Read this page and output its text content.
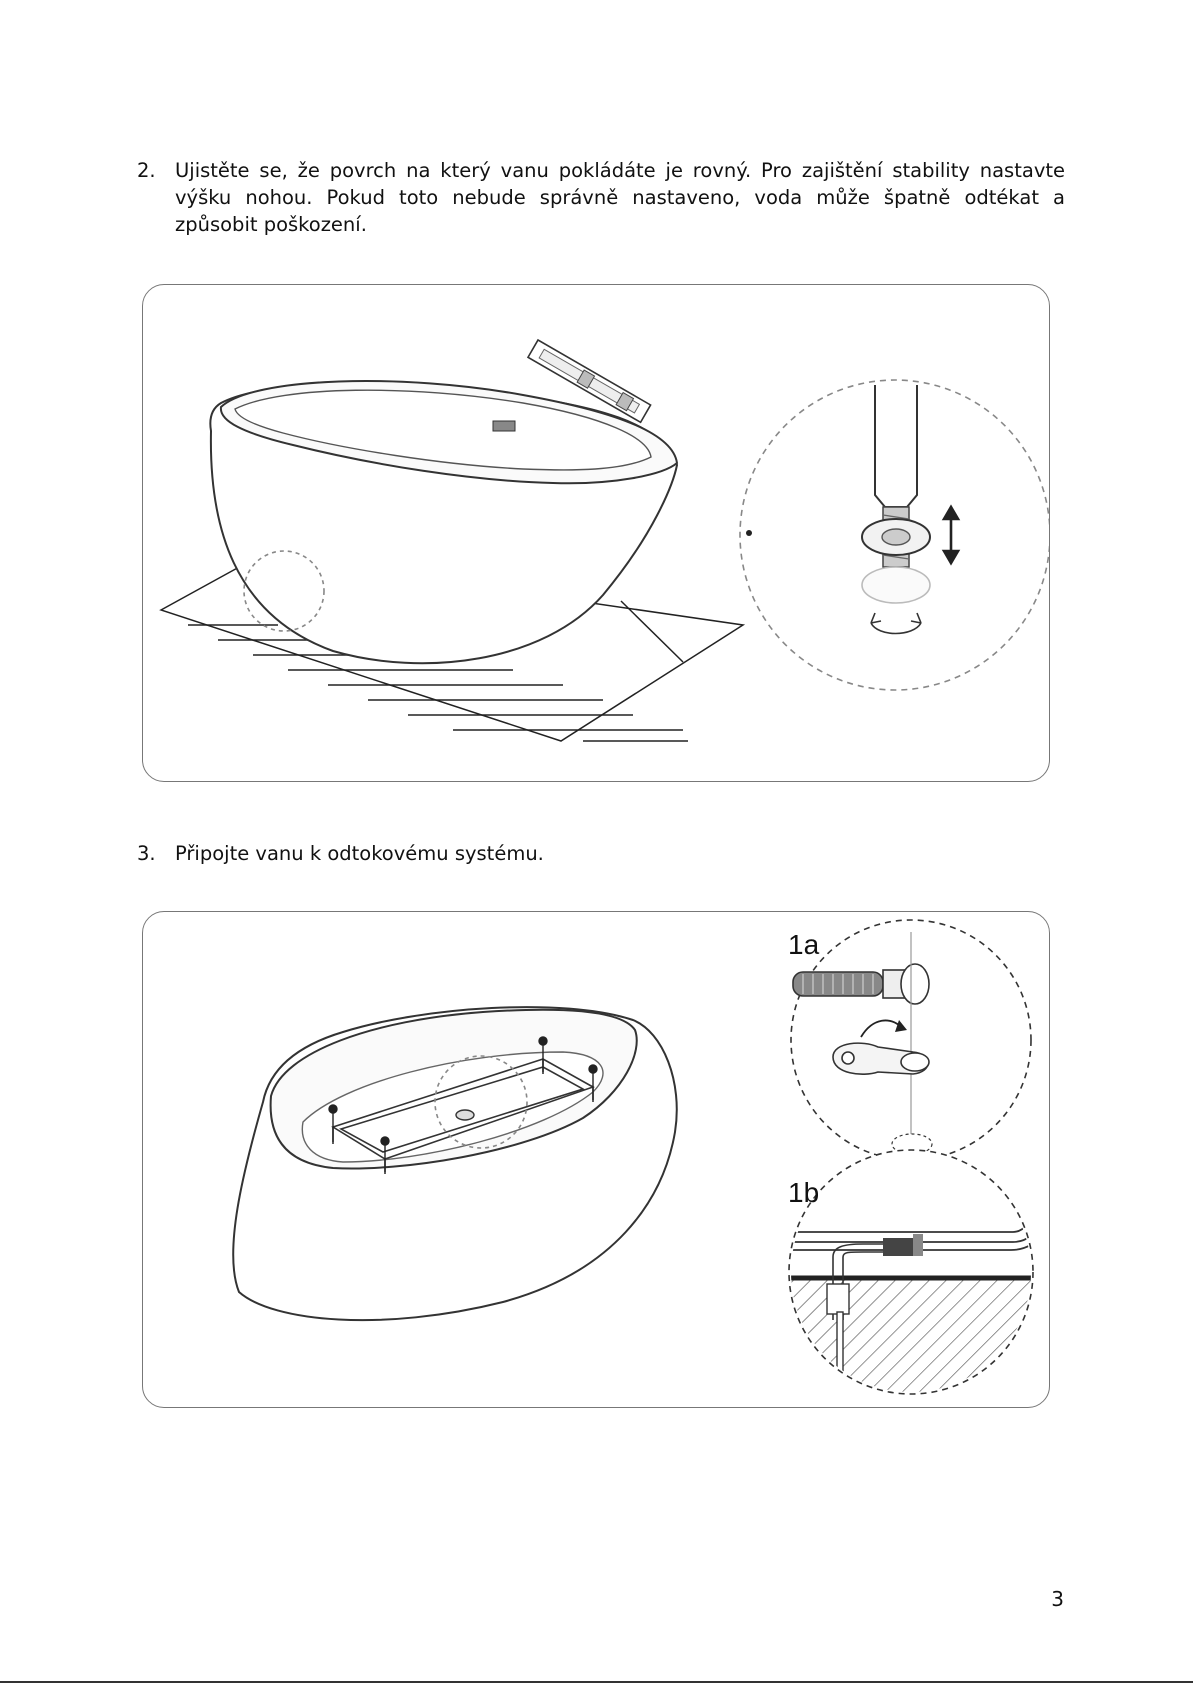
2. Ujistěte se, že povrch na který vanu pokládáte je rovný. Pro zajištění stability nastavte výšku nohou. Pokud toto nebude správně nastaveno, voda může špatně odtékat a způsobit poškození.
3. Připojte vanu k odtokovému systému.
1a
1b
3
